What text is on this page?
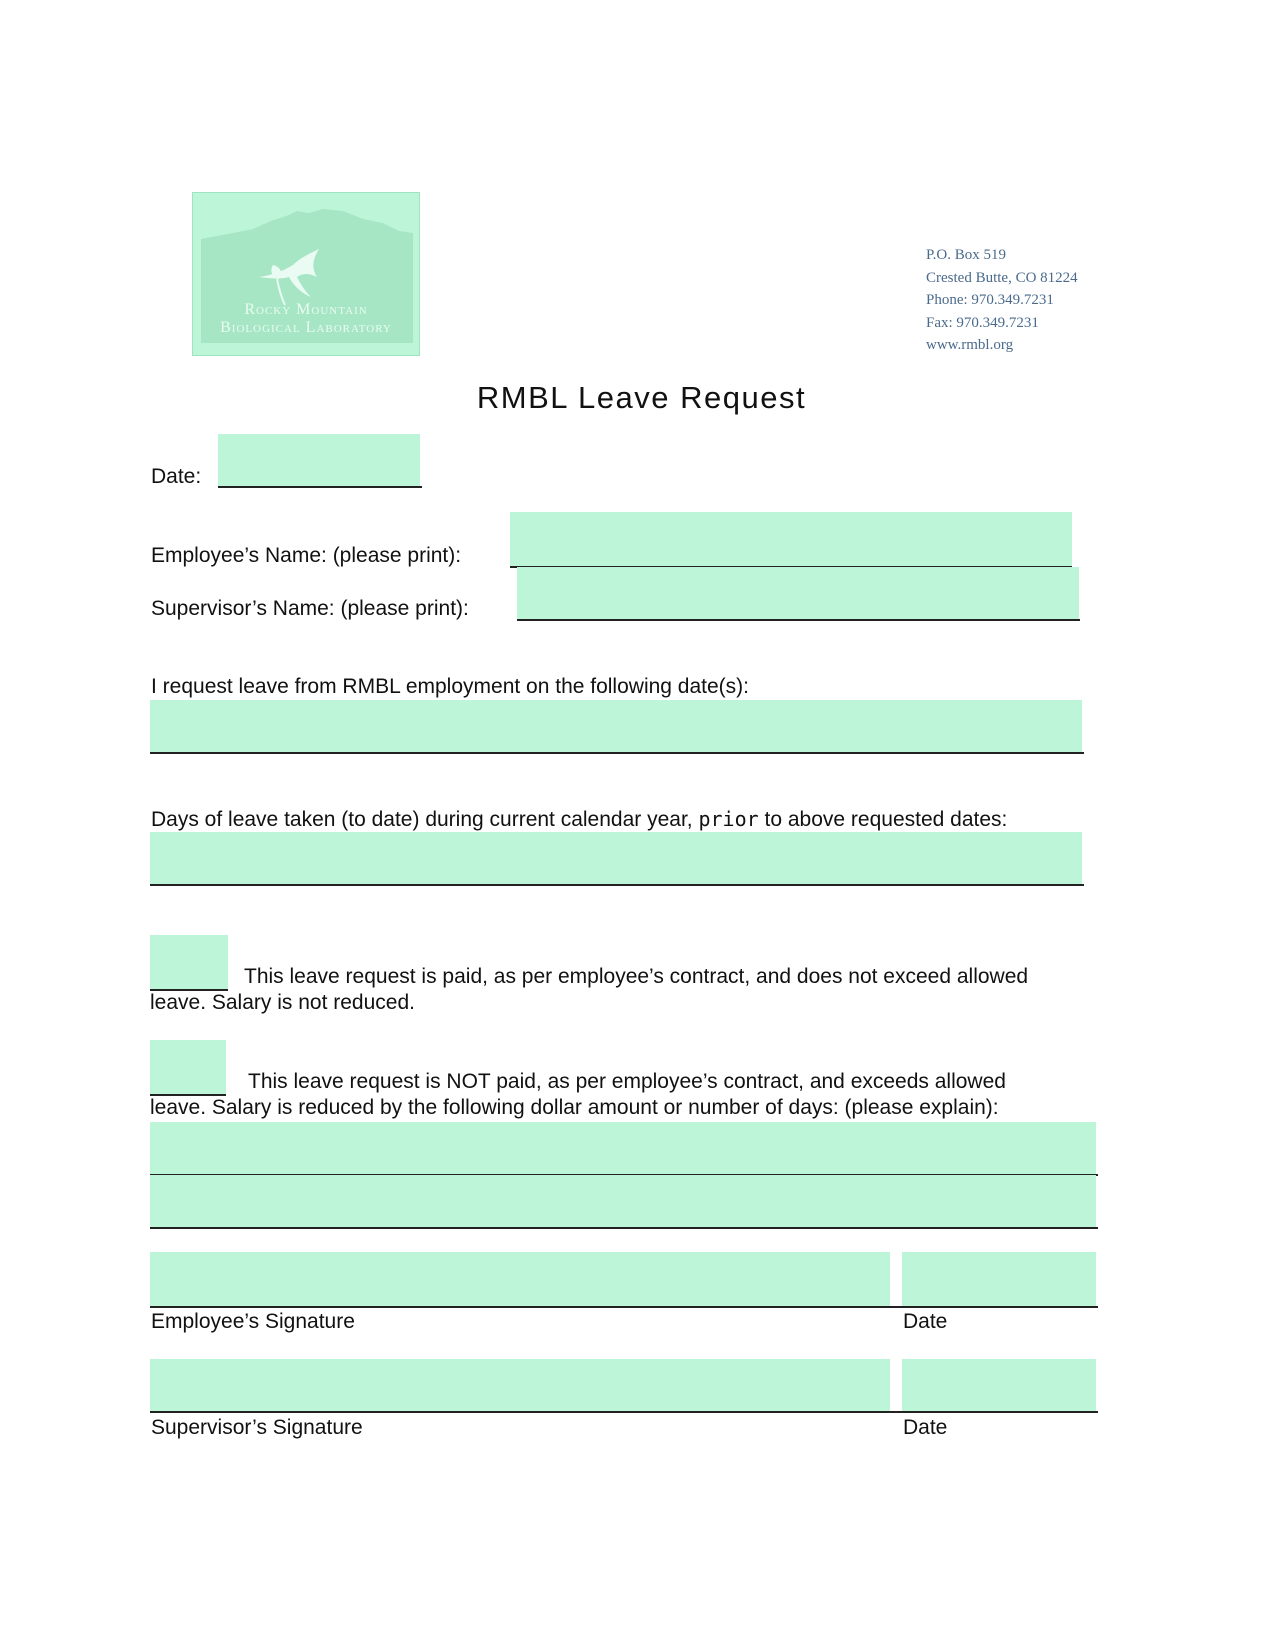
Rocky Mountain
Biological Laboratory
P.O. Box 519
Crested Butte, CO 81224
Phone: 970.349.7231
Fax: 970.349.7231
www.rmbl.org
RMBL Leave Request
Date:
Employee’s Name: (please print):
Supervisor’s Name: (please print):
I request leave from RMBL employment on the following date(s):
Days of leave taken (to date) during current calendar year, prior to above requested dates:
This leave request is paid, as per employee’s contract, and does not exceed allowed
leave. Salary is not reduced.
This leave request is NOT paid, as per employee’s contract, and exceeds allowed
leave. Salary is reduced by the following dollar amount or number of days: (please explain):
Employee’s Signature	Date
Supervisor’s Signature	Date
